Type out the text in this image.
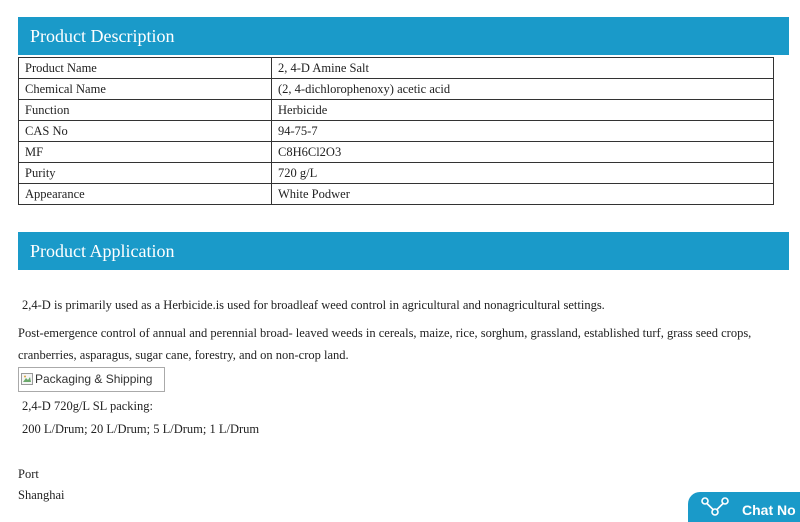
Product Description
Product Name	2, 4-D Amine Salt
Chemical Name	(2, 4-dichlorophenoxy) acetic acid
Function	Herbicide
CAS No	94-75-7
MF	C8H6Cl2O3
Purity	720 g/L
Appearance	White Podwer
Product Application
2,4-D is primarily used as a Herbicide.is used for broadleaf weed control in agricultural and nonagricultural settings.
Post-emergence control of annual and perennial broad- leaved weeds in cereals, maize, rice, sorghum, grassland, established turf, grass seed crops, cranberries, asparagus, sugar cane, forestry, and on non-crop land.
Packaging & Shipping
2,4-D 720g/L SL packing:
200 L/Drum; 20 L/Drum; 5 L/Drum; 1 L/Drum
Port
Shanghai
Chat No
